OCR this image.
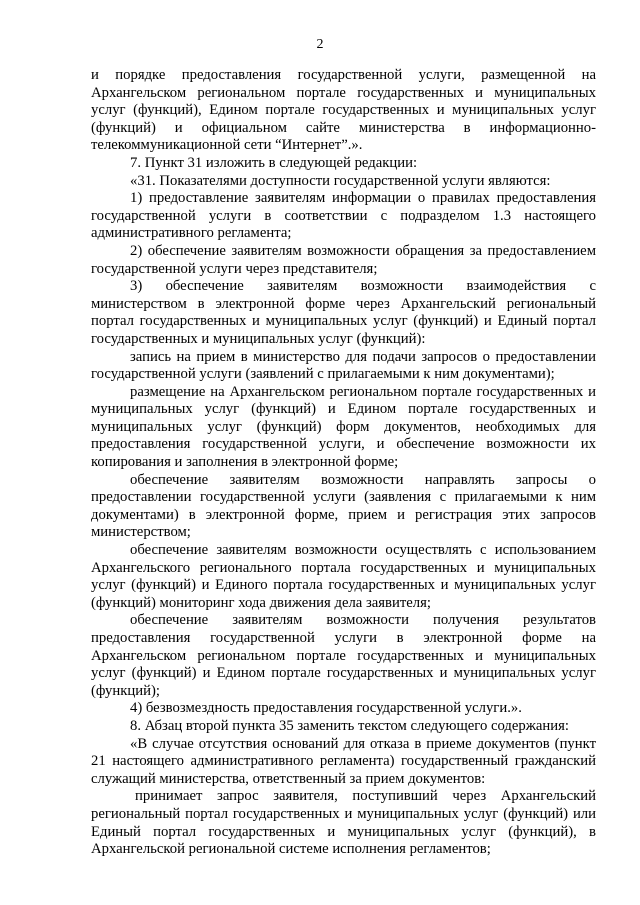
2

и порядке предоставления государственной услуги, размещенной на Архангельском региональном портале государственных и муниципальных услуг (функций), Едином портале государственных и муниципальных услуг (функций) и официальном сайте министерства в информационно-телекоммуникационной сети “Интернет”.».

7. Пункт 31 изложить в следующей редакции:

«31. Показателями доступности государственной услуги являются:

1) предоставление заявителям информации о правилах предоставления государственной услуги в соответствии с подразделом 1.3 настоящего административного регламента;

2) обеспечение заявителям возможности обращения за предоставлением государственной услуги через представителя;

3) обеспечение заявителям возможности взаимодействия с министерством в электронной форме через Архангельский региональный портал государственных и муниципальных услуг (функций) и Единый портал государственных и муниципальных услуг (функций):

запись на прием в министерство для подачи запросов о предоставлении государственной услуги (заявлений с прилагаемыми к ним документами);

размещение на Архангельском региональном портале государственных и муниципальных услуг (функций) и Едином портале государственных и муниципальных услуг (функций) форм документов, необходимых для предоставления государственной услуги, и обеспечение возможности их копирования и заполнения в электронной форме;

обеспечение заявителям возможности направлять запросы о предоставлении государственной услуги (заявления с прилагаемыми к ним документами) в электронной форме, прием и регистрация этих запросов министерством;

обеспечение заявителям возможности осуществлять с использованием Архангельского регионального портала государственных и муниципальных услуг (функций) и Единого портала государственных и муниципальных услуг (функций) мониторинг хода движения дела заявителя;

обеспечение заявителям возможности получения результатов предоставления государственной услуги в электронной форме на Архангельском региональном портале государственных и муниципальных услуг (функций) и Едином портале государственных и муниципальных услуг (функций);

4) безвозмездность предоставления государственной услуги.».

8. Абзац второй пункта 35 заменить текстом следующего содержания:

«В случае отсутствия оснований для отказа в приеме документов (пункт 21 настоящего административного регламента) государственный гражданский служащий министерства, ответственный за прием документов:

принимает запрос заявителя, поступивший через Архангельский региональный портал государственных и муниципальных услуг (функций) или Единый портал государственных и муниципальных услуг (функций), в Архангельской региональной системе исполнения регламентов;
